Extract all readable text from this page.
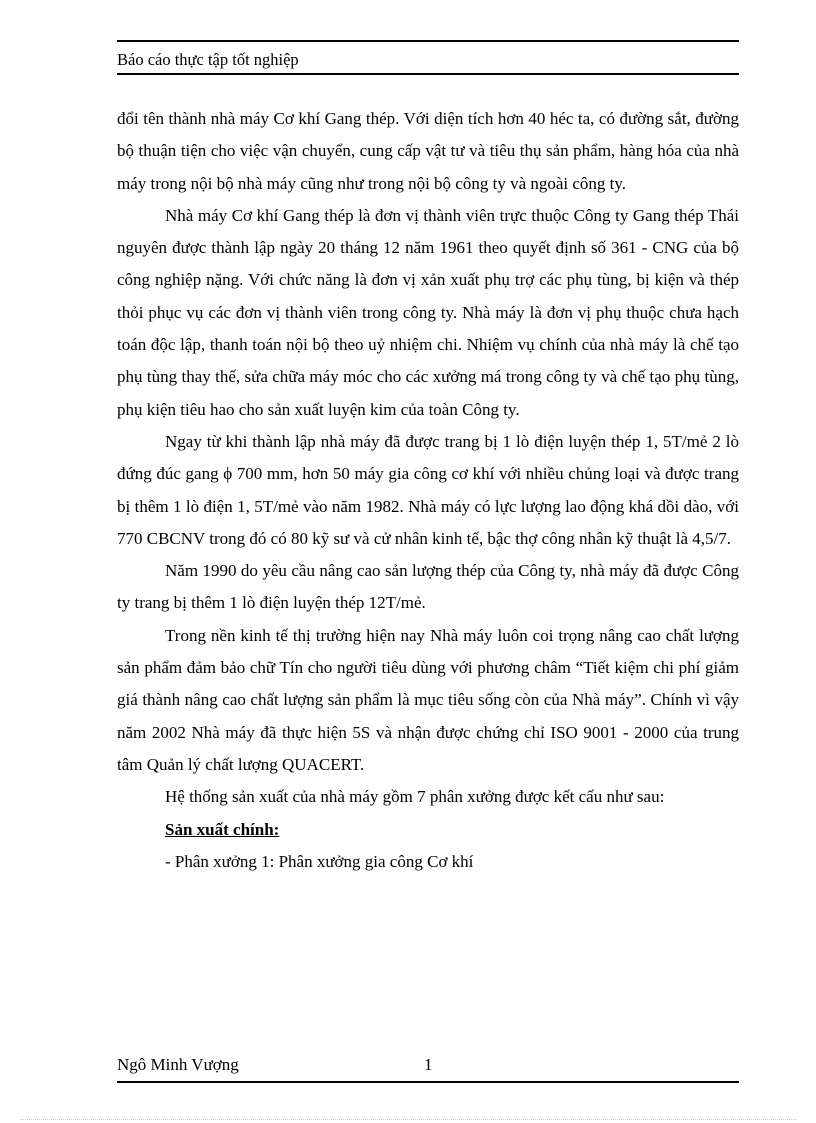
Báo cáo thực tập tốt nghiệp

đổi tên thành nhà máy Cơ khí Gang thép. Với diện tích hơn 40 héc ta, có đường sắt, đường bộ thuận tiện cho việc vận chuyển, cung cấp vật tư và tiêu thụ sản phẩm, hàng hóa của nhà máy trong nội bộ nhà máy cũng như trong nội bộ công ty và ngoài công ty.

Nhà máy Cơ khí Gang thép là đơn vị thành viên trực thuộc Công ty Gang thép Thái nguyên được thành lập ngày 20 tháng 12 năm 1961 theo quyết định số 361 - CNG của bộ công nghiệp nặng. Với chức năng là đơn vị xản xuất phụ trợ các phụ tùng, bị kiện và thép thỏi phục vụ các đơn vị thành viên trong công ty. Nhà máy là đơn vị phụ thuộc chưa hạch toán độc lập, thanh toán nội bộ theo uỷ nhiệm chi. Nhiệm vụ chính của nhà máy là chế tạo phụ tùng thay thế, sửa chữa máy móc cho các xưởng má trong công ty và chế tạo phụ tùng, phụ kiện tiêu hao cho sản xuất luyện kim của toàn Công ty.

Ngay từ khi thành lập nhà máy đã được trang bị 1 lò điện luyện thép 1, 5T/mẻ 2 lò đứng đúc gang ϕ 700 mm, hơn 50 máy gia công cơ khí với nhiều chủng loại và được trang bị thêm 1 lò điện 1, 5T/mẻ vào năm 1982. Nhà máy có lực lượng lao động khá dồi dào, với 770 CBCNV trong đó có 80 kỹ sư và cử nhân kinh tế, bậc thợ công nhân kỹ thuật là 4,5/7.

Năm 1990 do yêu cầu nâng cao sản lượng thép của Công ty, nhà máy đã được Công ty trang bị thêm 1 lò điện luyện thép 12T/mẻ.

Trong nền kinh tế thị trường hiện nay Nhà máy luôn coi trọng nâng cao chất lượng sản phẩm đảm bảo chữ Tín cho người tiêu dùng với phương châm “Tiết kiệm chi phí giảm giá thành nâng cao chất lượng sản phẩm là mục tiêu sống còn của Nhà máy”. Chính vì vậy năm 2002 Nhà máy đã thực hiện 5S và nhận được chứng chỉ ISO 9001 - 2000 của trung tâm Quản lý chất lượng QUACERT.

Hệ thống sản xuất của nhà máy gồm 7 phân xưởng được kết cấu như sau:

Sản xuất chính:

- Phân xưởng 1: Phân xưởng gia công Cơ khí

Ngô Minh Vượng	1
